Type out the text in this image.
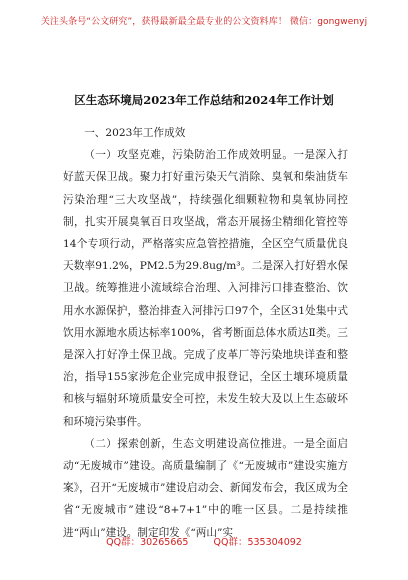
关注头条号“公文研究”，获得最新最全最专业的公文资料库！ 微信：gongwenyj
区生态环境局2023年工作总结和2024年工作计划

一、2023年工作成效

（一）攻坚克难，污染防治工作成效明显。一是深入打好蓝天保卫战。聚力打好重污染天气消除、臭氧和柴油货车污染治理“三大攻坚战”，持续强化细颗粒物和臭氧协同控制，扎实开展臭氧百日攻坚战，常态开展扬尘精细化管控等14个专项行动，严格落实应急管控措施，全区空气质量优良天数率91.2%，PM2.5为29.8ug/m³。二是深入打好碧水保卫战。统筹推进小流域综合治理、入河排污口排查整治、饮用水水源保护，整治排查入河排污口97个，全区31处集中式饮用水源地水质达标率100%，省考断面总体水质达Ⅱ类。三是深入打好净土保卫战。完成了皮革厂等污染地块详查和整治，指导155家涉危企业完成申报登记，全区土壤环境质量和核与辐射环境质量安全可控，未发生较大及以上生态破坏和环境污染事件。

（二）探索创新，生态文明建设高位推进。一是全面启动“无废城市”建设。高质量编制了《“无废城市”建设实施方案》，召开“无废城市”建设启动会、新闻发布会，我区成为全省“无废城市”建设“8+7+1”中的唯一区县。二是持续推进“两山”建设。制定印发《“两山”实

QQ群：30265665	QQ群：535304092
